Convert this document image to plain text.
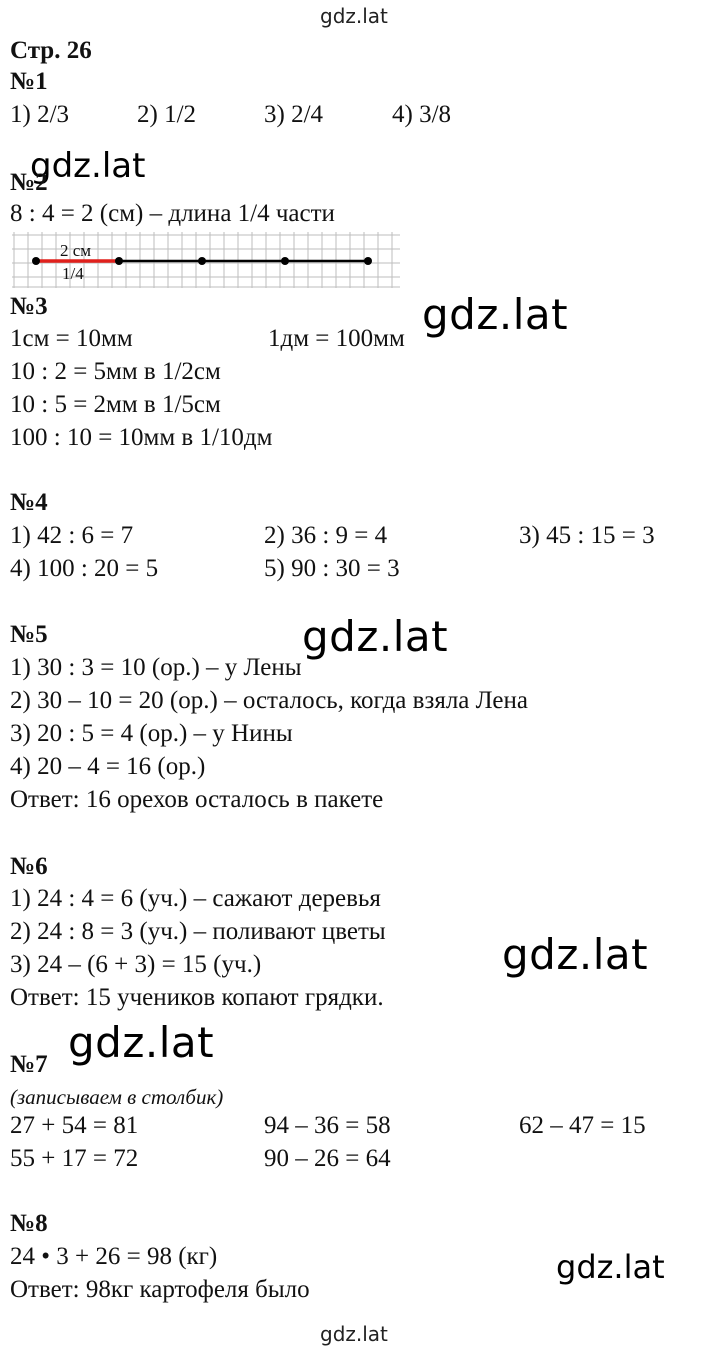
gdz.lat
gdz.lat
gdz.lat
gdz.lat
gdz.lat
gdz.lat
gdz.lat
gdz.lat
Стр. 26
№1
1) 2/3	2) 1/2	3) 2/4	4) 3/8
№2
8 : 4 = 2 (см) – длина 1/4 части
2 см
1/4
№3
1см = 10мм	1дм = 100мм
10 : 2 = 5мм в 1/2см
10 : 5 = 2мм в 1/5см
100 : 10 = 10мм в 1/10дм
№4
1) 42 : 6 = 7	2) 36 : 9 = 4	3) 45 : 15 = 3
4) 100 : 20 = 5	5) 90 : 30 = 3
№5
1) 30 : 3 = 10 (ор.) – у Лены
2) 30 – 10 = 20 (ор.) – осталось, когда взяла Лена
3) 20 : 5 = 4 (ор.) – у Нины
4) 20 – 4 = 16 (ор.)
Ответ: 16 орехов осталось в пакете
№6
1) 24 : 4 = 6 (уч.) – сажают деревья
2) 24 : 8 = 3 (уч.) – поливают цветы
3) 24 – (6 + 3) = 15 (уч.)
Ответ: 15 учеников копают грядки.
№7
(записываем в столбик)
27 + 54 = 81	94 – 36 = 58	62 – 47 = 15
55 + 17 = 72	90 – 26 = 64
№8
24 • 3 + 26 = 98 (кг)
Ответ: 98кг картофеля было
